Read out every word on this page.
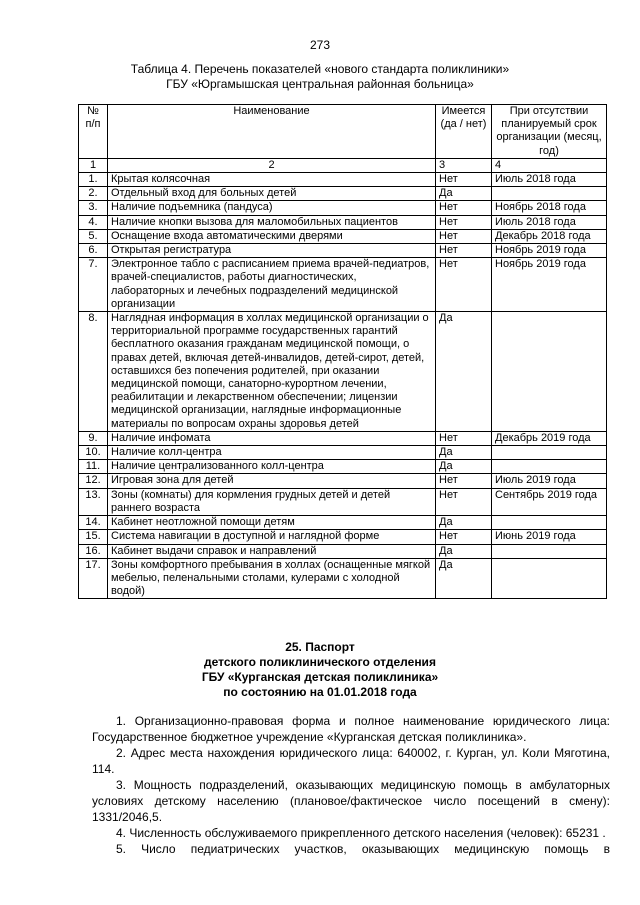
273
Таблица 4. Перечень показателей «нового стандарта поликлиники»
ГБУ «Юргамышская центральная районная больница»
№ п/п	Наименование	Имеется (да / нет)	При отсутствии планируемый срок организации (месяц, год)
1	2	3	4
1.	Крытая колясочная	Нет	Июль 2018 года
2.	Отдельный вход для больных детей	Да	
3.	Наличие подъемника (пандуса)	Нет	Ноябрь 2018 года
4.	Наличие кнопки вызова для маломобильных пациентов	Нет	Июль 2018 года
5.	Оснащение входа автоматическими дверями	Нет	Декабрь 2018 года
6.	Открытая регистратура	Нет	Ноябрь 2019 года
7.	Электронное табло с расписанием приема врачей-педиатров, врачей-специалистов, работы диагностических, лабораторных и лечебных подразделений медицинской организации	Нет	Ноябрь 2019 года
8.	Наглядная информация в холлах медицинской организации о территориальной программе государственных гарантий бесплатного оказания гражданам медицинской помощи, о правах детей, включая детей-инвалидов, детей-сирот, детей, оставшихся без попечения родителей, при оказании медицинской помощи, санаторно-курортном лечении, реабилитации и лекарственном обеспечении; лицензии медицинской организации, наглядные информационные материалы по вопросам охраны здоровья детей	Да	
9.	Наличие инфомата	Нет	Декабрь 2019 года
10.	Наличие колл-центра	Да	
11.	Наличие централизованного колл-центра	Да	
12.	Игровая зона для детей	Нет	Июль 2019 года
13.	Зоны (комнаты) для кормления грудных детей и детей раннего возраста	Нет	Сентябрь 2019 года
14.	Кабинет неотложной помощи детям	Да	
15.	Система навигации в доступной и наглядной форме	Нет	Июнь 2019 года
16.	Кабинет выдачи справок и направлений	Да	
17.	Зоны комфортного пребывания в холлах (оснащенные мягкой мебелью, пеленальными столами, кулерами с холодной водой)	Да	
25. Паспорт
детского поликлинического отделения
ГБУ «Курганская детская поликлиника»
по состоянию на 01.01.2018 года

1. Организационно-правовая форма и полное наименование юридического лица: Государственное бюджетное учреждение «Курганская детская поликлиника».

2. Адрес места нахождения юридического лица: 640002, г. Курган, ул. Коли Мяготина, 114.

3. Мощность подразделений, оказывающих медицинскую помощь в амбулаторных условиях детскому населению (плановое/фактическое число посещений в смену): 1331/2046,5.

4. Численность обслуживаемого прикрепленного детского населения (человек): 65231 .

5. Число педиатрических участков, оказывающих медицинскую помощь в
